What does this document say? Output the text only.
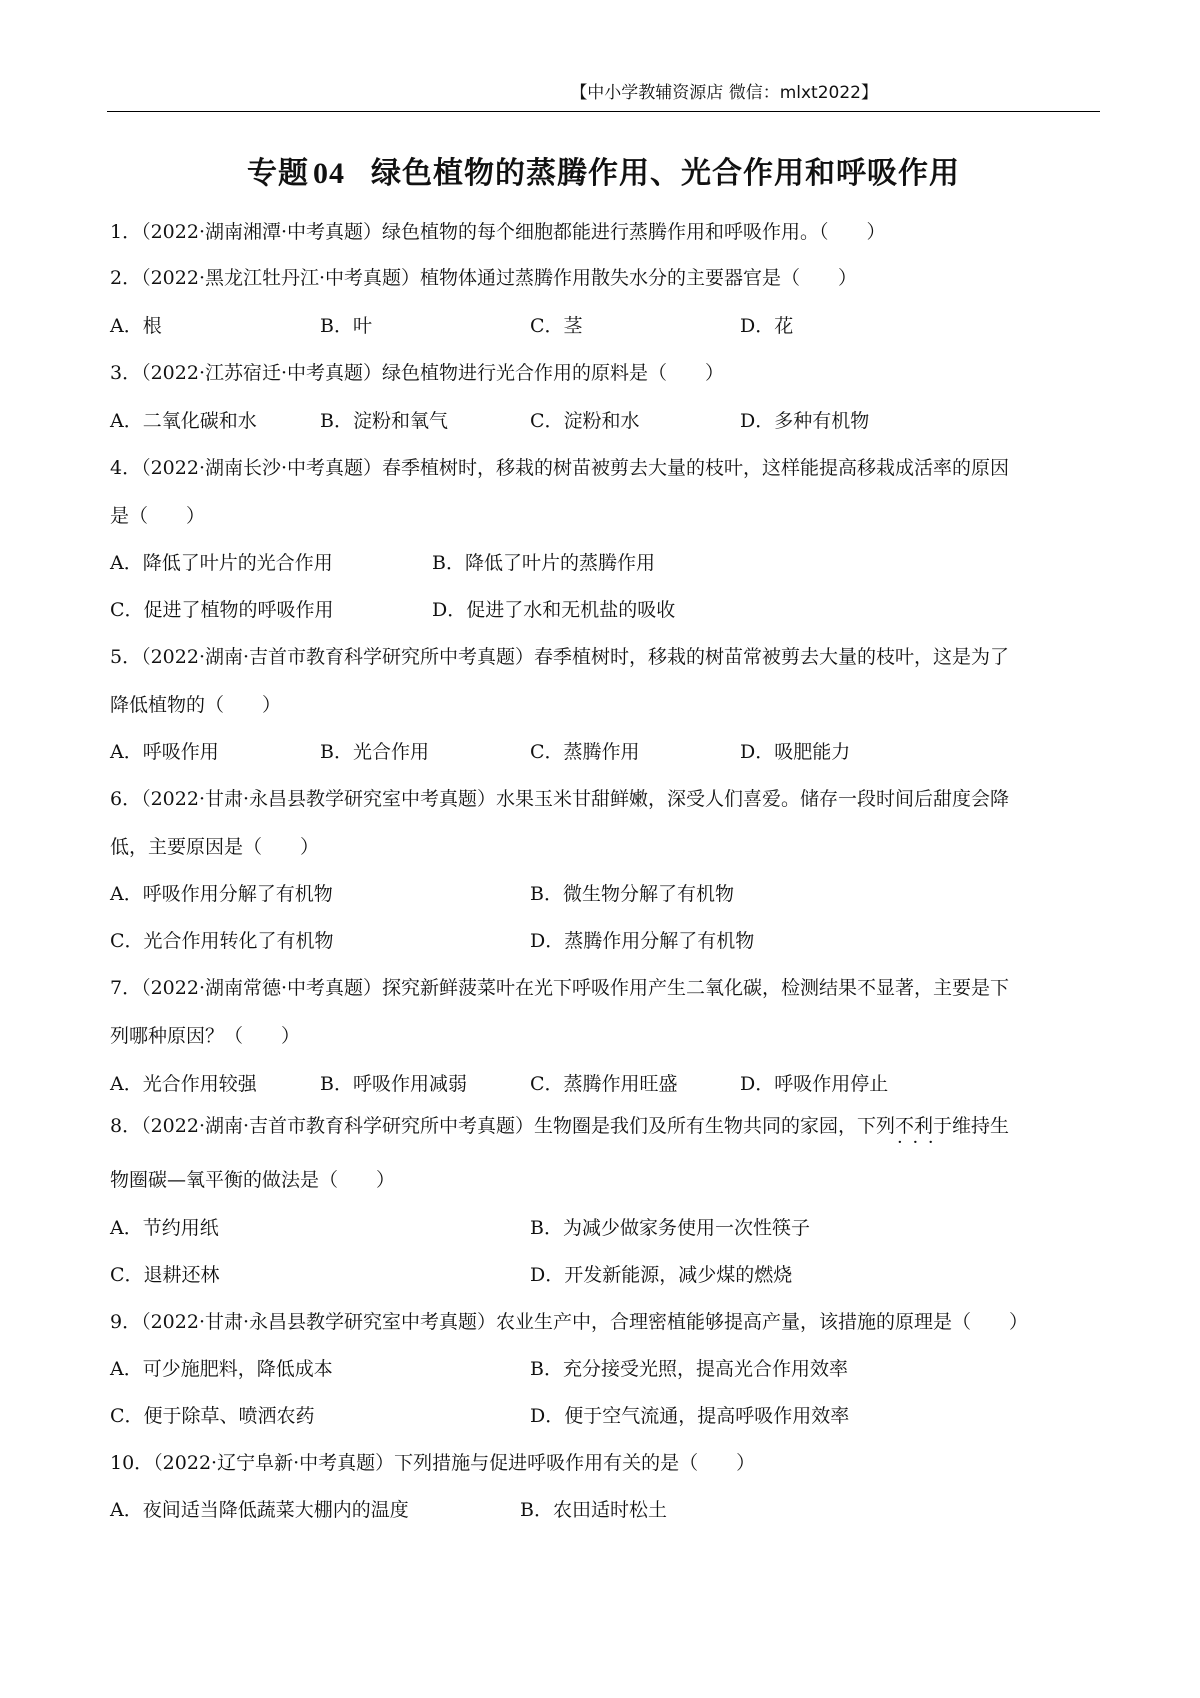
【中小学教辅资源店 微信：mlxt2022】
专题 04 绿色植物的蒸腾作用、光合作用和呼吸作用
1．（2022·湖南湘潭·中考真题）绿色植物的每个细胞都能进行蒸腾作用和呼吸作用。（　　）
2．（2022·黑龙江牡丹江·中考真题）植物体通过蒸腾作用散失水分的主要器官是（　　）
A．根	B．叶	C．茎	D．花
3．（2022·江苏宿迁·中考真题）绿色植物进行光合作用的原料是（　　）
A．二氧化碳和水	B．淀粉和氧气	C．淀粉和水	D．多种有机物
4．（2022·湖南长沙·中考真题）春季植树时，移栽的树苗被剪去大量的枝叶，这样能提高移栽成活率的原因
是（　　）
A．降低了叶片的光合作用	B．降低了叶片的蒸腾作用
C．促进了植物的呼吸作用	D．促进了水和无机盐的吸收
5．（2022·湖南·吉首市教育科学研究所中考真题）春季植树时，移栽的树苗常被剪去大量的枝叶，这是为了
降低植物的（　　）
A．呼吸作用	B．光合作用	C．蒸腾作用	D．吸肥能力
6．（2022·甘肃·永昌县教学研究室中考真题）水果玉米甘甜鲜嫩，深受人们喜爱。储存一段时间后甜度会降
低，主要原因是（　　）
A．呼吸作用分解了有机物	B．微生物分解了有机物
C．光合作用转化了有机物	D．蒸腾作用分解了有机物
7．（2022·湖南常德·中考真题）探究新鲜菠菜叶在光下呼吸作用产生二氧化碳，检测结果不显著，主要是下
列哪种原因？（　　）
A．光合作用较强	B．呼吸作用减弱	C．蒸腾作用旺盛	D．呼吸作用停止
8．（2022·湖南·吉首市教育科学研究所中考真题）生物圈是我们及所有生物共同的家园，下列不利于 · · ·维持生
物圈碳—氧平衡的做法是（　　）
A．节约用纸	B．为减少做家务使用一次性筷子
C．退耕还林	D．开发新能源，减少煤的燃烧
9．（2022·甘肃·永昌县教学研究室中考真题）农业生产中，合理密植能够提高产量，该措施的原理是（　　）
A．可少施肥料，降低成本	B．充分接受光照，提高光合作用效率
C．便于除草、喷洒农药	D．便于空气流通，提高呼吸作用效率
10．（2022·辽宁阜新·中考真题）下列措施与促进呼吸作用有关的是（　　）
A．夜间适当降低蔬菜大棚内的温度	B．农田适时松土
